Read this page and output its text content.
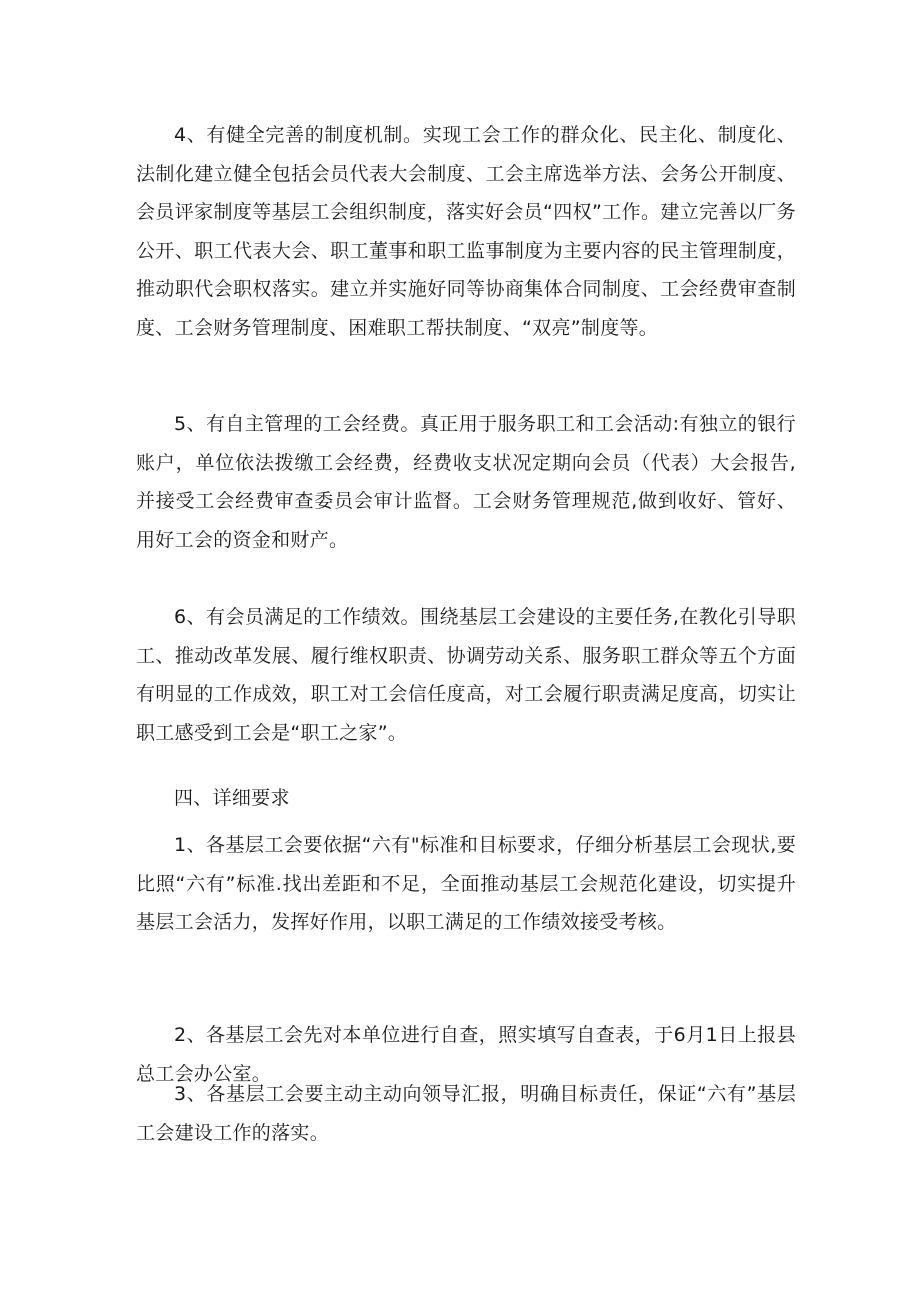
4、有健全完善的制度机制。实现工会工作的群众化、民主化、制度化、法制化建立健全包括会员代表大会制度、工会主席选举方法、会务公开制度、会员评家制度等基层工会组织制度，落实好会员“四权”工作。建立完善以厂务公开、职工代表大会、职工董事和职工监事制度为主要内容的民主管理制度，推动职代会职权落实。建立并实施好同等协商集体合同制度、工会经费审查制度、工会财务管理制度、困难职工帮扶制度、“双亮”制度等。

5、有自主管理的工会经费。真正用于服务职工和工会活动:有独立的银行账户，单位依法拨缴工会经费，经费收支状况定期向会员（代表）大会报告,并接受工会经费审查委员会审计监督。工会财务管理规范,做到收好、管好、用好工会的资金和财产。

6、有会员满足的工作绩效。围绕基层工会建设的主要任务,在教化引导职工、推动改革发展、履行维权职责、协调劳动关系、服务职工群众等五个方面有明显的工作成效，职工对工会信任度高，对工会履行职责满足度高，切实让职工感受到工会是“职工之家”。

四、详细要求

1、各基层工会要依据“六有"标准和目标要求，仔细分析基层工会现状,要比照“六有”标准.找出差距和不足，全面推动基层工会规范化建设，切实提升基层工会活力，发挥好作用，以职工满足的工作绩效接受考核。

2、各基层工会先对本单位进行自查，照实填写自查表，于6月1日上报县总工会办公室。

3、各基层工会要主动主动向领导汇报，明确目标责任，保证“六有”基层工会建设工作的落实。
